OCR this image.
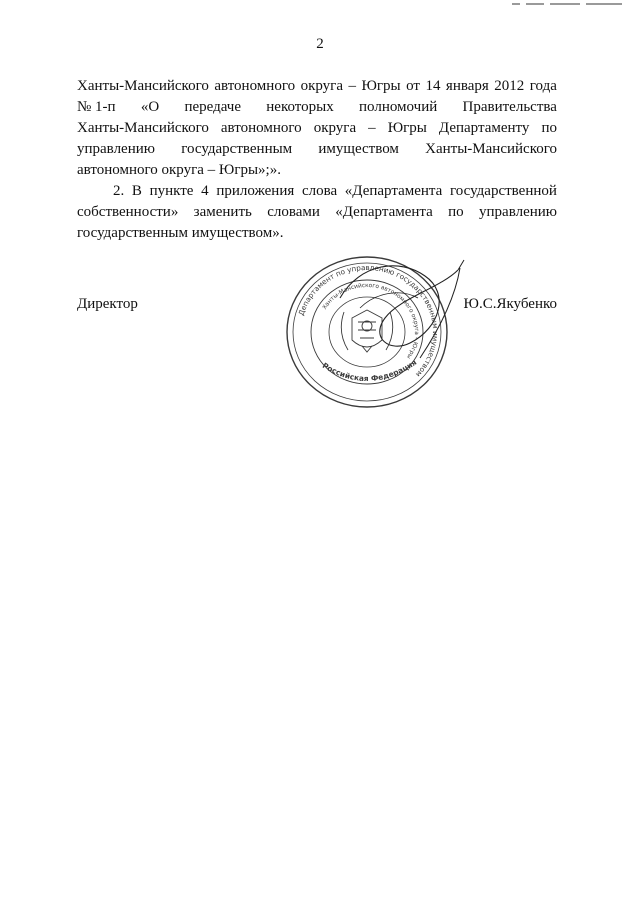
2
Ханты-Мансийского автономного округа – Югры от 14 января 2012 года
№ 1-п «О передаче некоторых полномочий Правительства
Ханты-Мансийского автономного округа – Югры Департаменту по
управлению государственным имуществом Ханты-Мансийского
автономного округа – Югры»;».
2. В пункте 4 приложения слова «Департамента государственной
собственности» заменить словами «Департамента по управлению
государственным имуществом».
Директор	Ю.С.Якубенко
Департамент по управлению государственным имуществом
Ханты-Мансийского автономного округа – Югры
Российская Федерация
